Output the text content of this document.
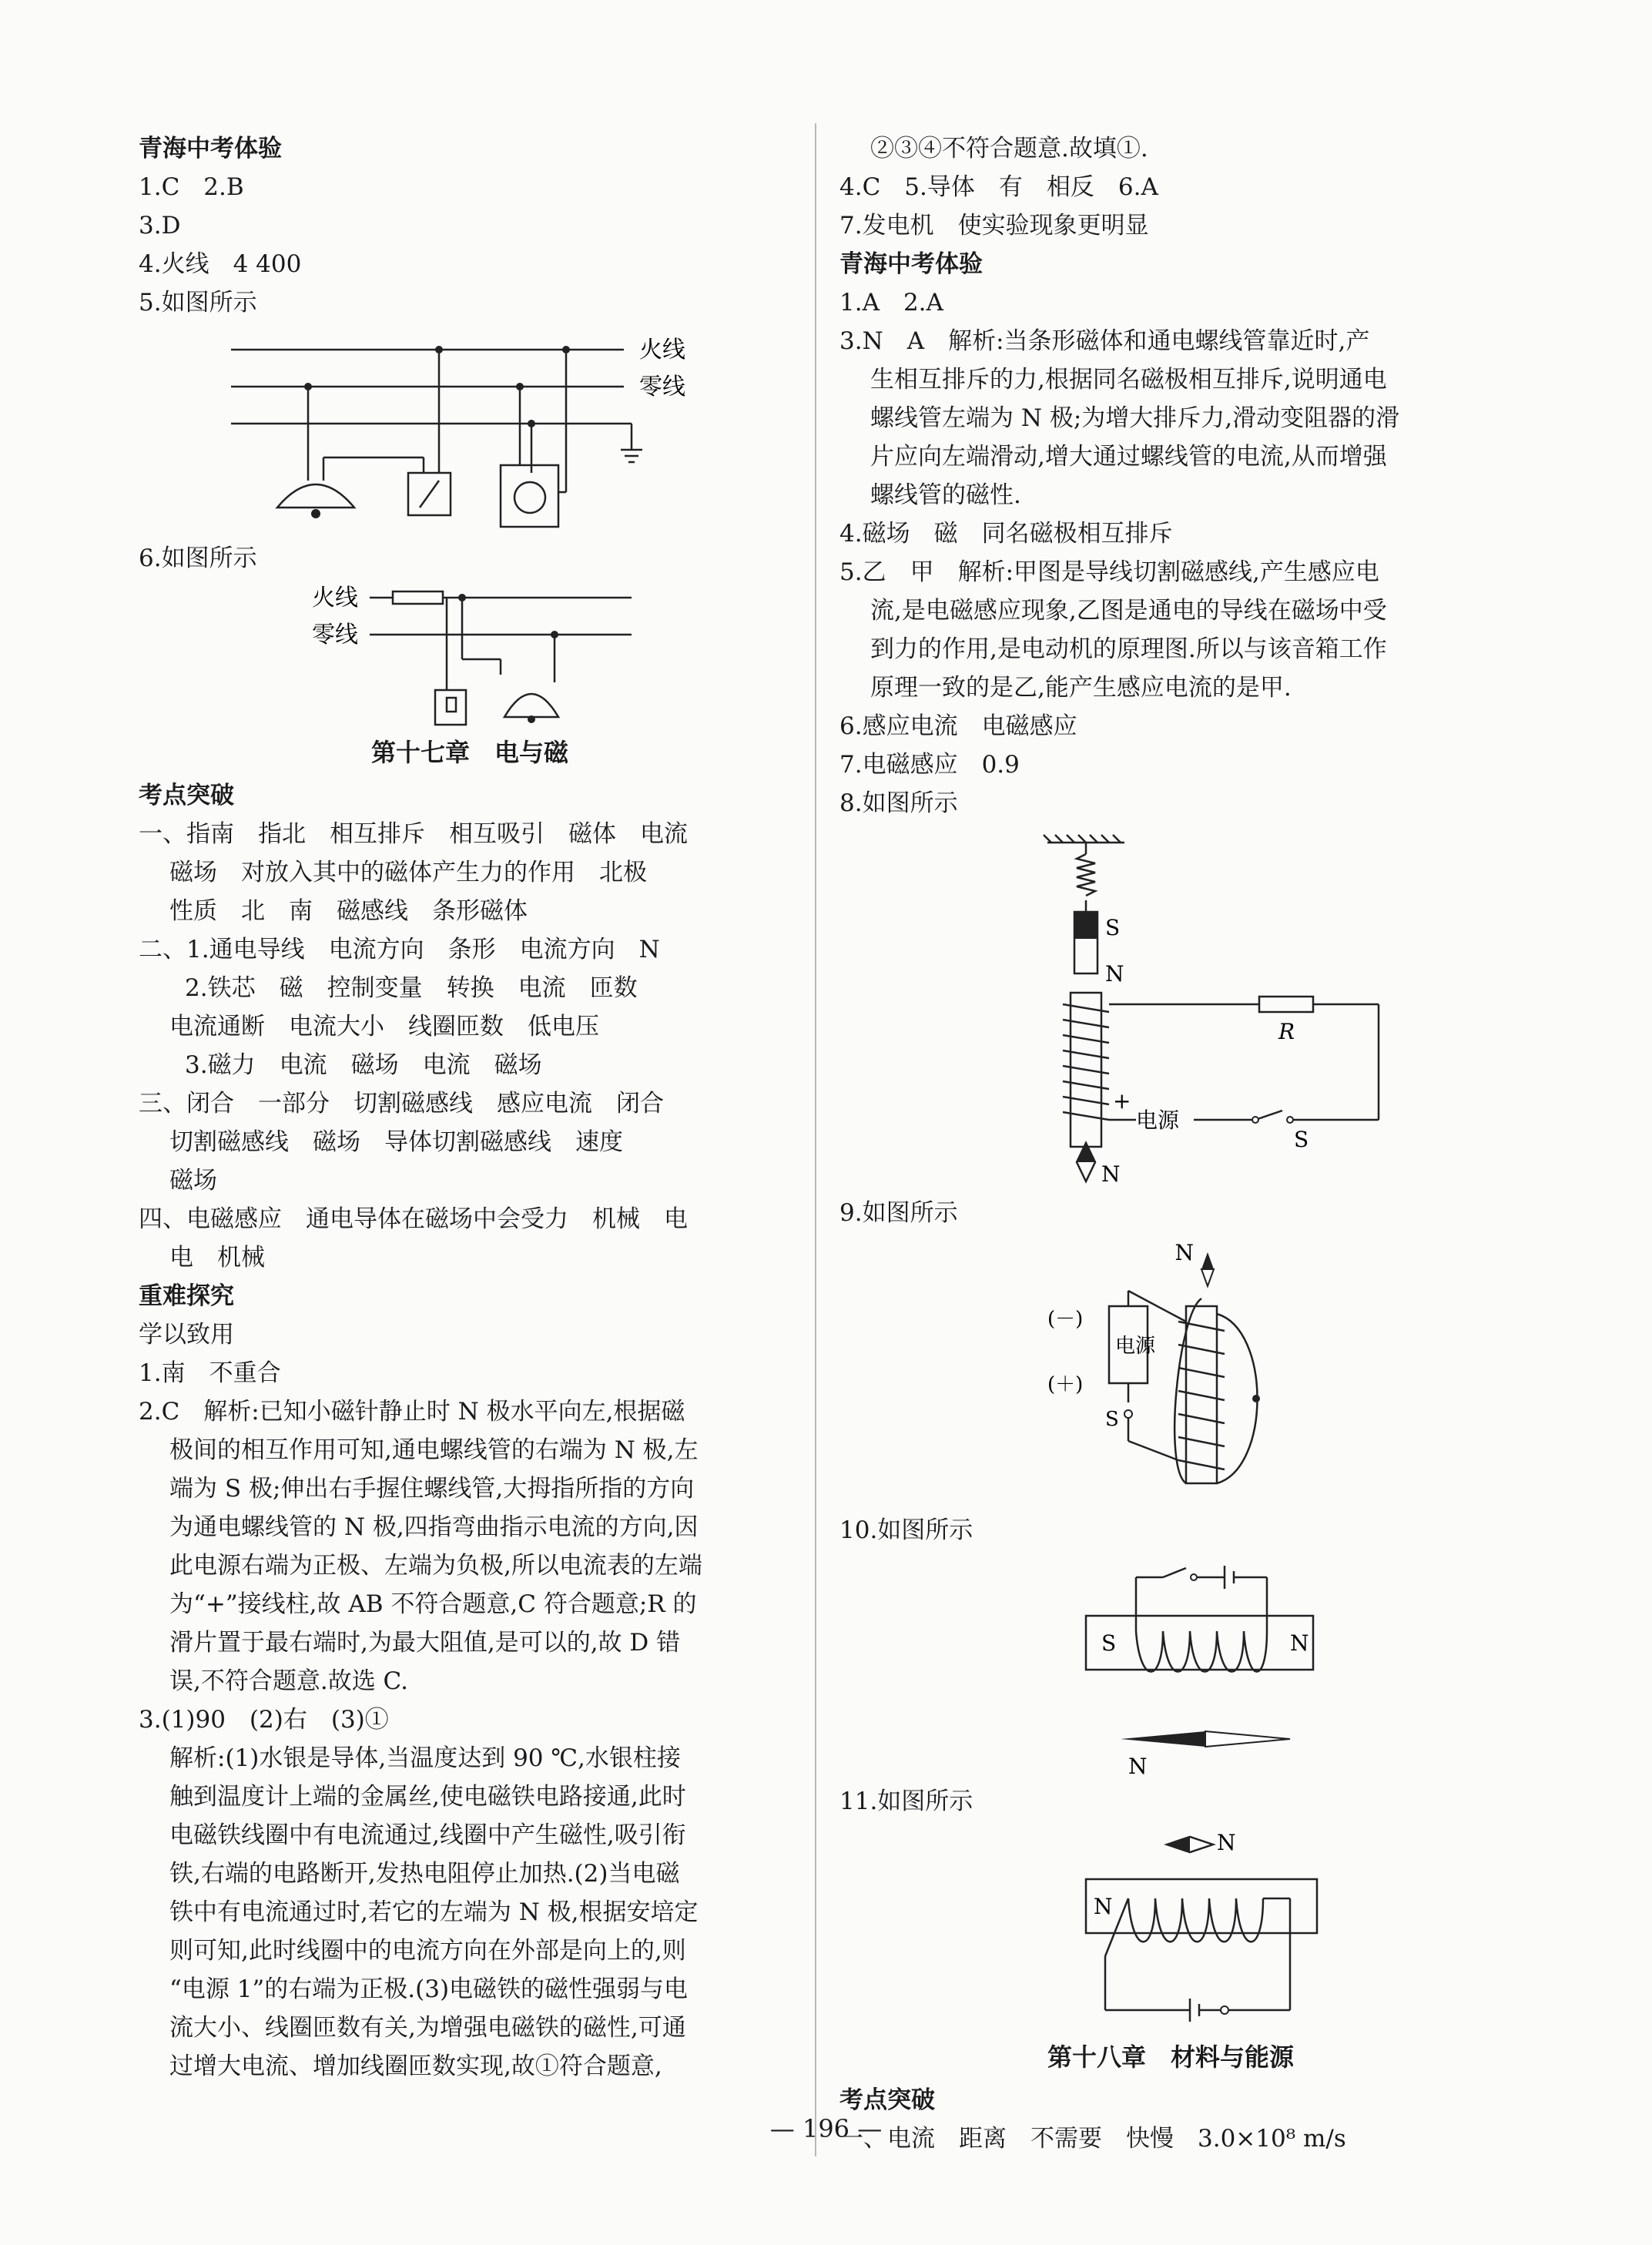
青海中考体验
1.C　2.B
3.D
4.火线　4 400
5.如图所示
火线
零线
6.如图所示
火线
零线
第十七章　电与磁
考点突破
一、指南　指北　相互排斥　相互吸引　磁体　电流
磁场　对放入其中的磁体产生力的作用　北极
性质　北　南　磁感线　条形磁体
二、1.通电导线　电流方向　条形　电流方向　N
2.铁芯　磁　控制变量　转换　电流　匝数
电流通断　电流大小　线圈匝数　低电压
3.磁力　电流　磁场　电流　磁场
三、闭合　一部分　切割磁感线　感应电流　闭合
切割磁感线　磁场　导体切割磁感线　速度
磁场
四、电磁感应　通电导体在磁场中会受力　机械　电
电　机械
重难探究
学以致用
1.南　不重合
2.C　解析:已知小磁针静止时 N 极水平向左,根据磁
极间的相互作用可知,通电螺线管的右端为 N 极,左
端为 S 极;伸出右手握住螺线管,大拇指所指的方向
为通电螺线管的 N 极,四指弯曲指示电流的方向,因
此电源右端为正极、左端为负极,所以电流表的左端
为“+”接线柱,故 AB 不符合题意,C 符合题意;R 的
滑片置于最右端时,为最大阻值,是可以的,故 D 错
误,不符合题意.故选 C.
3.(1)90　(2)右　(3)①
解析:(1)水银是导体,当温度达到 90 ℃,水银柱接
触到温度计上端的金属丝,使电磁铁电路接通,此时
电磁铁线圈中有电流通过,线圈中产生磁性,吸引衔
铁,右端的电路断开,发热电阻停止加热.(2)当电磁
铁中有电流通过时,若它的左端为 N 极,根据安培定
则可知,此时线圈中的电流方向在外部是向上的,则
“电源 1”的右端为正极.(3)电磁铁的磁性强弱与电
流大小、线圈匝数有关,为增强电磁铁的磁性,可通
过增大电流、增加线圈匝数实现,故①符合题意,
②③④不符合题意.故填①.
4.C　5.导体　有　相反　6.A
7.发电机　使实验现象更明显
青海中考体验
1.A　2.A
3.N　A　解析:当条形磁体和通电螺线管靠近时,产
生相互排斥的力,根据同名磁极相互排斥,说明通电
螺线管左端为 N 极;为增大排斥力,滑动变阻器的滑
片应向左端滑动,增大通过螺线管的电流,从而增强
螺线管的磁性.
4.磁场　磁　同名磁极相互排斥
5.乙　甲　解析:甲图是导线切割磁感线,产生感应电
流,是电磁感应现象,乙图是通电的导线在磁场中受
到力的作用,是电动机的原理图.所以与该音箱工作
原理一致的是乙,能产生感应电流的是甲.
6.感应电流　电磁感应
7.电磁感应　0.9
8.如图所示
S
N
R
+
电源
S
N
9.如图所示
N
(－)
(＋)
电源
S
10.如图所示
S	N
N
11.如图所示
N
N
第十八章　材料与能源
考点突破
一、电流　距离　不需要　快慢　3.0×10⁸ m/s
— 196 —
